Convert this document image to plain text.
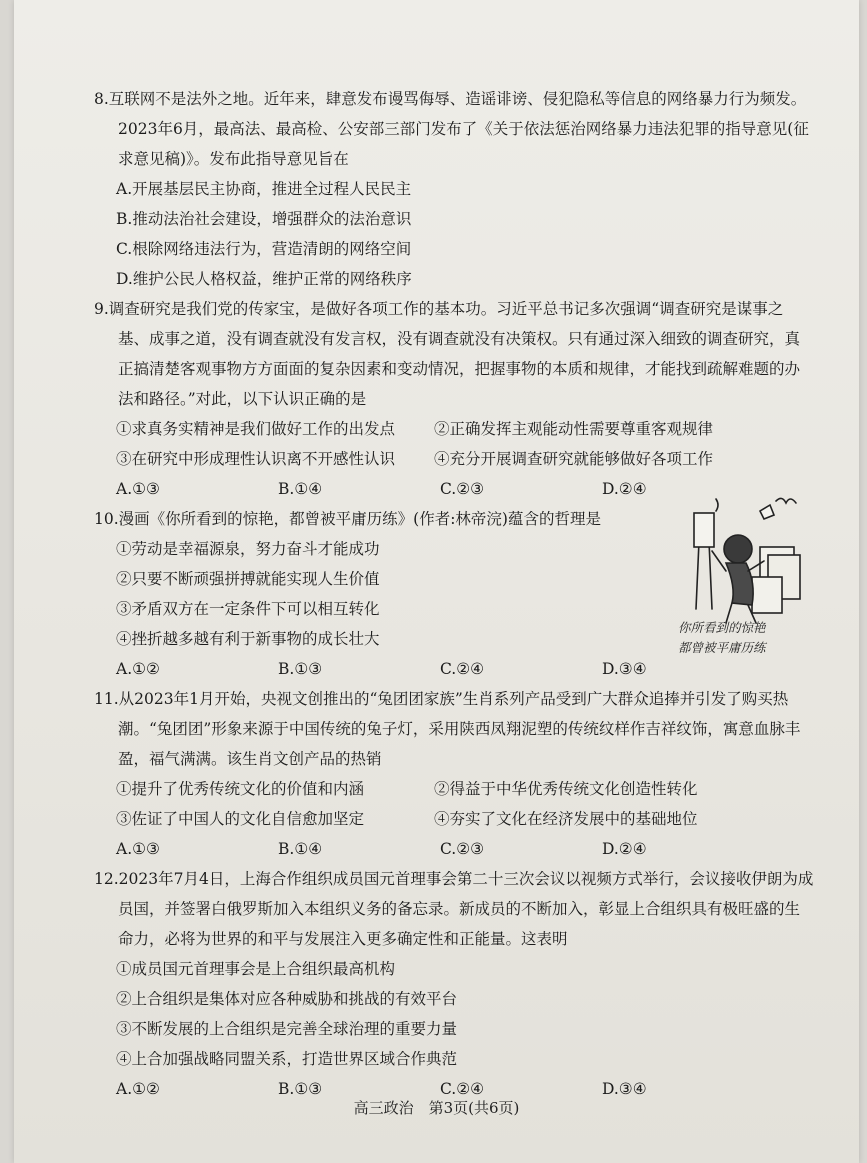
8.互联网不是法外之地。近年来，肆意发布谩骂侮辱、造谣诽谤、侵犯隐私等信息的网络暴力行为频发。2023年6月，最高法、最高检、公安部三部门发布了《关于依法惩治网络暴力违法犯罪的指导意见(征求意见稿)》。发布此指导意见旨在

A.开展基层民主协商，推进全过程人民民主

B.推动法治社会建设，增强群众的法治意识

C.根除网络违法行为，营造清朗的网络空间

D.维护公民人格权益，维护正常的网络秩序

9.调查研究是我们党的传家宝，是做好各项工作的基本功。习近平总书记多次强调“调查研究是谋事之基、成事之道，没有调查就没有发言权，没有调查就没有决策权。只有通过深入细致的调查研究，真正搞清楚客观事物方方面面的复杂因素和变动情况，把握事物的本质和规律，才能找到疏解难题的办法和路径。”对此，以下认识正确的是

①求真务实精神是我们做好工作的出发点	②正确发挥主观能动性需要尊重客观规律
③在研究中形成理性认识离不开感性认识	④充分开展调查研究就能够做好各项工作
A.①③	B.①④	C.②③	D.②④

10.漫画《你所看到的惊艳，都曾被平庸历练》(作者:林帝浣)蕴含的哲理是

①劳动是幸福源泉，努力奋斗才能成功

②只要不断顽强拼搏就能实现人生价值

③矛盾双方在一定条件下可以相互转化

④挫折越多越有利于新事物的成长壮大

A.①②	B.①③	C.②④	D.③④

11.从2023年1月开始，央视文创推出的“兔团团家族”生肖系列产品受到广大群众追捧并引发了购买热潮。“兔团团”形象来源于中国传统的兔子灯，采用陕西凤翔泥塑的传统纹样作吉祥纹饰，寓意血脉丰盈，福气满满。该生肖文创产品的热销

①提升了优秀传统文化的价值和内涵	②得益于中华优秀传统文化创造性转化
③佐证了中国人的文化自信愈加坚定	④夯实了文化在经济发展中的基础地位
A.①③	B.①④	C.②③	D.②④

12.2023年7月4日，上海合作组织成员国元首理事会第二十三次会议以视频方式举行，会议接收伊朗为成员国，并签署白俄罗斯加入本组织义务的备忘录。新成员的不断加入，彰显上合组织具有极旺盛的生命力，必将为世界的和平与发展注入更多确定性和正能量。这表明

①成员国元首理事会是上合组织最高机构

②上合组织是集体对应各种威胁和挑战的有效平台

③不断发展的上合组织是完善全球治理的重要力量

④上合加强战略同盟关系，打造世界区域合作典范

A.①②	B.①③	C.②④	D.③④
你所看到的惊艳
都曾被平庸历练
高三政治　第3页(共6页)
